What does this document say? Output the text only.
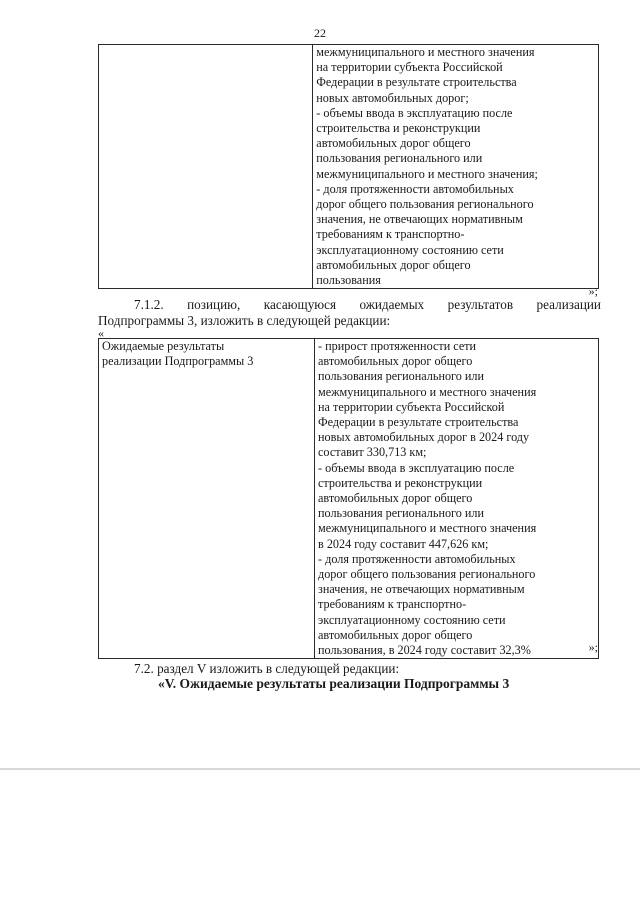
22

межмуниципального и местного значения
на территории субъекта Российской
Федерации в результате строительства
новых автомобильных дорог;
- объемы ввода в эксплуатацию после
строительства и реконструкции
автомобильных дорог общего
пользования регионального или
межмуниципального и местного значения;
- доля протяженности автомобильных
дорог общего пользования регионального
значения, не отвечающих нормативным
требованиям к транспортно-
эксплуатационному состоянию сети
автомобильных дорог общего
пользования
»;
7.1.2. позицию, касающуюся ожидаемых результатов реализации
Подпрограммы 3, изложить в следующей редакции:
«
Ожидаемые результаты
реализации Подпрограммы 3

- прирост протяженности сети
автомобильных дорог общего
пользования регионального или
межмуниципального и местного значения
на территории субъекта Российской
Федерации в результате строительства
новых автомобильных дорог в 2024 году
составит 330,713 км;
- объемы ввода в эксплуатацию после
строительства и реконструкции
автомобильных дорог общего
пользования регионального или
межмуниципального и местного значения
в 2024 году составит 447,626 км;
- доля протяженности автомобильных
дорог общего пользования регионального
значения, не отвечающих нормативным
требованиям к транспортно-
эксплуатационному состоянию сети
автомобильных дорог общего
пользования, в 2024 году составит 32,3%	»;
7.2. раздел V изложить в следующей редакции:
«V. Ожидаемые результаты реализации Подпрограммы 3
